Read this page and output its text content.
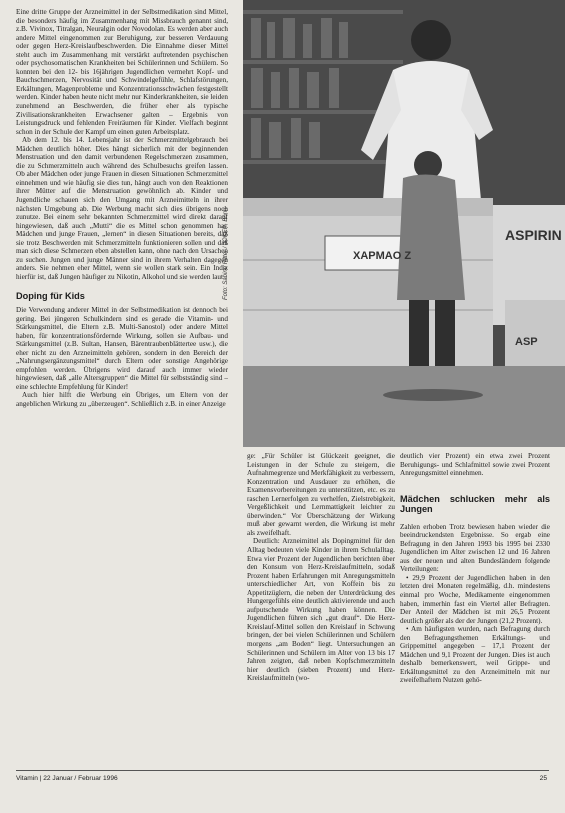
Eine dritte Gruppe der Arzneimittel in der Selbstmedikation sind Mittel, die besonders häufig im Zusammenhang mit Missbrauch genannt sind, z.B. Vivinox, Titralgan, Neuralgin oder Novodolan. Es werden aber auch andere Mittel eingenommen zur Beruhigung, zur besseren Verdauung oder gegen Herz-Kreislaufbeschwerden. Die Einnahme dieser Mittel steht auch im Zusammenhang mit verstärkt auftretenden psychischen oder psychosomatischen Krankheiten bei Schülerinnen und Schülern. So konnten bei den 12- bis 16jährigen Jugendlichen vermehrt Kopf- und Bauchschmerzen, Nervosität und Schwindelgefühle, Schlafstörungen, Erkältungen, Magenprobleme und Konzentrationsschwächen festgestellt werden. Kinder haben heute nicht mehr nur Kinderkrankheiten, sie leiden zunehmend an Beschwerden, die früher eher als typische Zivilisationskrankheiten Erwachsener galten – Ergebnis von Leistungsdruck und fehlenden Freiräumen für Kinder. Vielfach beginnt schon in der Schule der Kampf um einen guten Arbeitsplatz.

Ab dem 12. bis 14. Lebensjahr ist der Schmerzmittelgebrauch bei Mädchen deutlich höher. Dies hängt sicherlich mit der beginnenden Menstruation und den damit verbundenen Regelschmerzen zusammen, die zu Schmerzmitteln auch während des Schulbesuchs greifen lassen. Ob aber Mädchen oder junge Frauen in diesen Situationen Schmerzmittel einnehmen und wie häufig sie dies tun, hängt auch von den Reaktionen ihrer Mütter auf die Menstruation gewöhnlich ab. Kinder und Jugendliche schauen sich den Umgang mit Arzneimitteln in ihrer nächsten Umgebung ab. Die Werbung macht sich dies übrigens noch zunutze. Bei einem sehr bekannten Schmerzmittel wird direkt darauf hingewiesen, daß auch „Mutti“ die es Mittel schon genommen hat. Mädchen und junge Frauen, „lernen“ in diesen Situationen bereits, daß sie trotz Beschwerden mit Schmerzmitteln funktionieren sollen und daß man sich diese Schmerzen eben abstellen kann, ohne nach den Ursachen zu suchen. Jungen und junge Männer sind in ihrem Verhalten dagegen anders. Sie nehmen eher Mittel, wenn sie wollen stark sein. Ein Indiz hierfür ist, daß Jungen häufiger zu Nikotin, Alkohol und sie werden laut.

Doping für Kids

Die Verwendung anderer Mittel in der Selbstmedikation ist dennoch bei gering. Bei jüngeren Schulkindern sind es gerade die Vitamin- und Stärkungsmittel, die Eltern z.B. Multi-Sanostol) oder andere Mittel haben, für konzentrationsfördernde Wirkung, sollen sie Aufbau- und Stärkungsmittel (z.B. Sultan, Hansen, Bärentraubenblättertee usw.), die eher nicht zu den Arzneimitteln gehören, sondern in den Bereich der „Nahrungsergänzungsmittel“ durch Eltern oder sonstige Angehörige empfohlen werden. Übrigens wird darauf auch immer wieder hingewiesen, daß „alle Altersgruppen“ die Mittel für selbstständig sind – eine schlechte Empfehlung für Kinder!

Auch hier hilft die Werbung ein Übriges, um Eltern von der angeblichen Wirkung zu „überzeugen“. Schließlich z.B. in einer Anzeige

XAPMAO Z
ASPIRIN
ASP
Foto: Sabine Ritter / JOKER, Bonn

ge: „Für Schüler ist Glückzeit geeignet, die Leistungen in der Schule zu steigern, die Aufnahmegrenze und Merkfähigkeit zu verbessern, Konzentration und Ausdauer zu erhöhen, die Examensvorbereitungen zu unterstützen, etc. es zu raschen Lernerfolgen zu verhelfen, Zielstrebigkeit, Vergeßlichkeit und Lernmattigkeit leichter zu überwinden.“ Vor Überschätzung der Wirkung muß aber gewarnt werden, die Wirkung ist mehr als zweifelhaft.

Deutlich: Arzneimittel als Dopingmittel für den Alltag bedeuten viele Kinder in ihrem Schulalltag. Etwa vier Prozent der Jugendlichen berichten über den Konsum von Herz-Kreislaufmitteln, sodaß Prozent haben Erfahrungen mit Anregungsmitteln unterschiedlicher Art, von Koffein bis zu Appetitzüglern, die neben der Unterdrückung des Hungergefühls eine deutlich aktivierende und auch aufputschende Wirkung haben können. Die Jugendlichen führen sich „gut drauf“. Die Herz-Kreislauf-Mittel sollen den Kreislauf in Schwung bringen, der bei vielen Schülerinnen und Schülern morgens „am Boden“ liegt. Untersuchungen an Schülerinnen und Schülern im Alter von 13 bis 17 Jahren zeigten, daß neben Kopfschmerzmitteln hier deutlich (sieben Prozent) und Herz-Kreislaufmitteln (wo-

deutlich vier Prozent) ein etwa zwei Prozent Beruhigungs- und Schlafmittel sowie zwei Prozent Anregungsmittel einnehmen.

Mädchen schlucken mehr als Jungen

Zahlen erhoben Trotz bewiesen haben wieder die beeindruckendsten Ergebnisse. So ergab eine Befragung in den Jahren 1993 bis 1995 bei 2330 Jugendlichen im Alter zwischen 12 und 16 Jahren aus der neuen und alten Bundesländern folgende Verteilungen:

• 29,9 Prozent der Jugendlichen haben in den letzten drei Monaten regelmäßig, d.h. mindestens einmal pro Woche, Medikamente eingenommen haben, immerhin fast ein Viertel aller Befragten. Der Anteil der Mädchen ist mit 26,5 Prozent deutlich größer als der der Jungen (21,2 Prozent).

• Am häufigsten wurden, nach Befragung durch den Befragungsthemen Erkältungs- und Grippemittel angegeben – 17,1 Prozent der Mädchen und 9,1 Prozent der Jungen. Dies ist auch deshalb bemerkenswert, weil Grippe- und Erkältungsmittel zu den Arzneimitteln mit nur zweifelhaftem Nutzen gehö-

Vitamin | 22 Januar / Februar 1996	25
